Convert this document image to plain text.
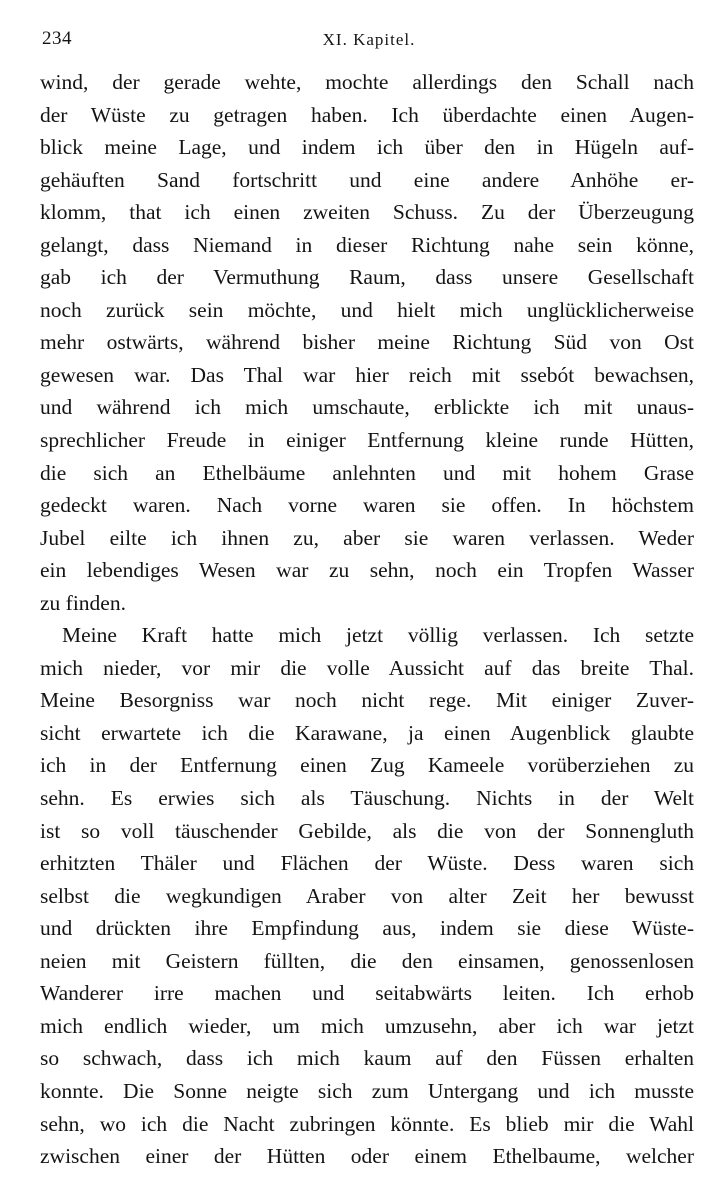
234	XI. Kapitel.
wind, der gerade wehte, mochte allerdings den Schall nach
der Wüste zu getragen haben. Ich überdachte einen Augen-
blick meine Lage, und indem ich über den in Hügeln auf-
gehäuften Sand fortschritt und eine andere Anhöhe er-
klomm, that ich einen zweiten Schuss. Zu der Überzeugung
gelangt, dass Niemand in dieser Richtung nahe sein könne,
gab ich der Vermuthung Raum, dass unsere Gesellschaft
noch zurück sein möchte, und hielt mich unglücklicherweise
mehr ostwärts, während bisher meine Richtung Süd von Ost
gewesen war. Das Thal war hier reich mit ssebót bewachsen,
und während ich mich umschaute, erblickte ich mit unaus-
sprechlicher Freude in einiger Entfernung kleine runde Hütten,
die sich an Ethelbäume anlehnten und mit hohem Grase
gedeckt waren. Nach vorne waren sie offen. In höchstem
Jubel eilte ich ihnen zu, aber sie waren verlassen. Weder
ein lebendiges Wesen war zu sehn, noch ein Tropfen Wasser
zu finden.
Meine Kraft hatte mich jetzt völlig verlassen. Ich setzte
mich nieder, vor mir die volle Aussicht auf das breite Thal.
Meine Besorgniss war noch nicht rege. Mit einiger Zuver-
sicht erwartete ich die Karawane, ja einen Augenblick glaubte
ich in der Entfernung einen Zug Kameele vorüberziehen zu
sehn. Es erwies sich als Täuschung. Nichts in der Welt
ist so voll täuschender Gebilde, als die von der Sonnengluth
erhitzten Thäler und Flächen der Wüste. Dess waren sich
selbst die wegkundigen Araber von alter Zeit her bewusst
und drückten ihre Empfindung aus, indem sie diese Wüste-
neien mit Geistern füllten, die den einsamen, genossenlosen
Wanderer irre machen und seitabwärts leiten. Ich erhob
mich endlich wieder, um mich umzusehn, aber ich war jetzt
so schwach, dass ich mich kaum auf den Füssen erhalten
konnte. Die Sonne neigte sich zum Untergang und ich musste
sehn, wo ich die Nacht zubringen könnte. Es blieb mir die Wahl
zwischen einer der Hütten oder einem Ethelbaume, welcher
